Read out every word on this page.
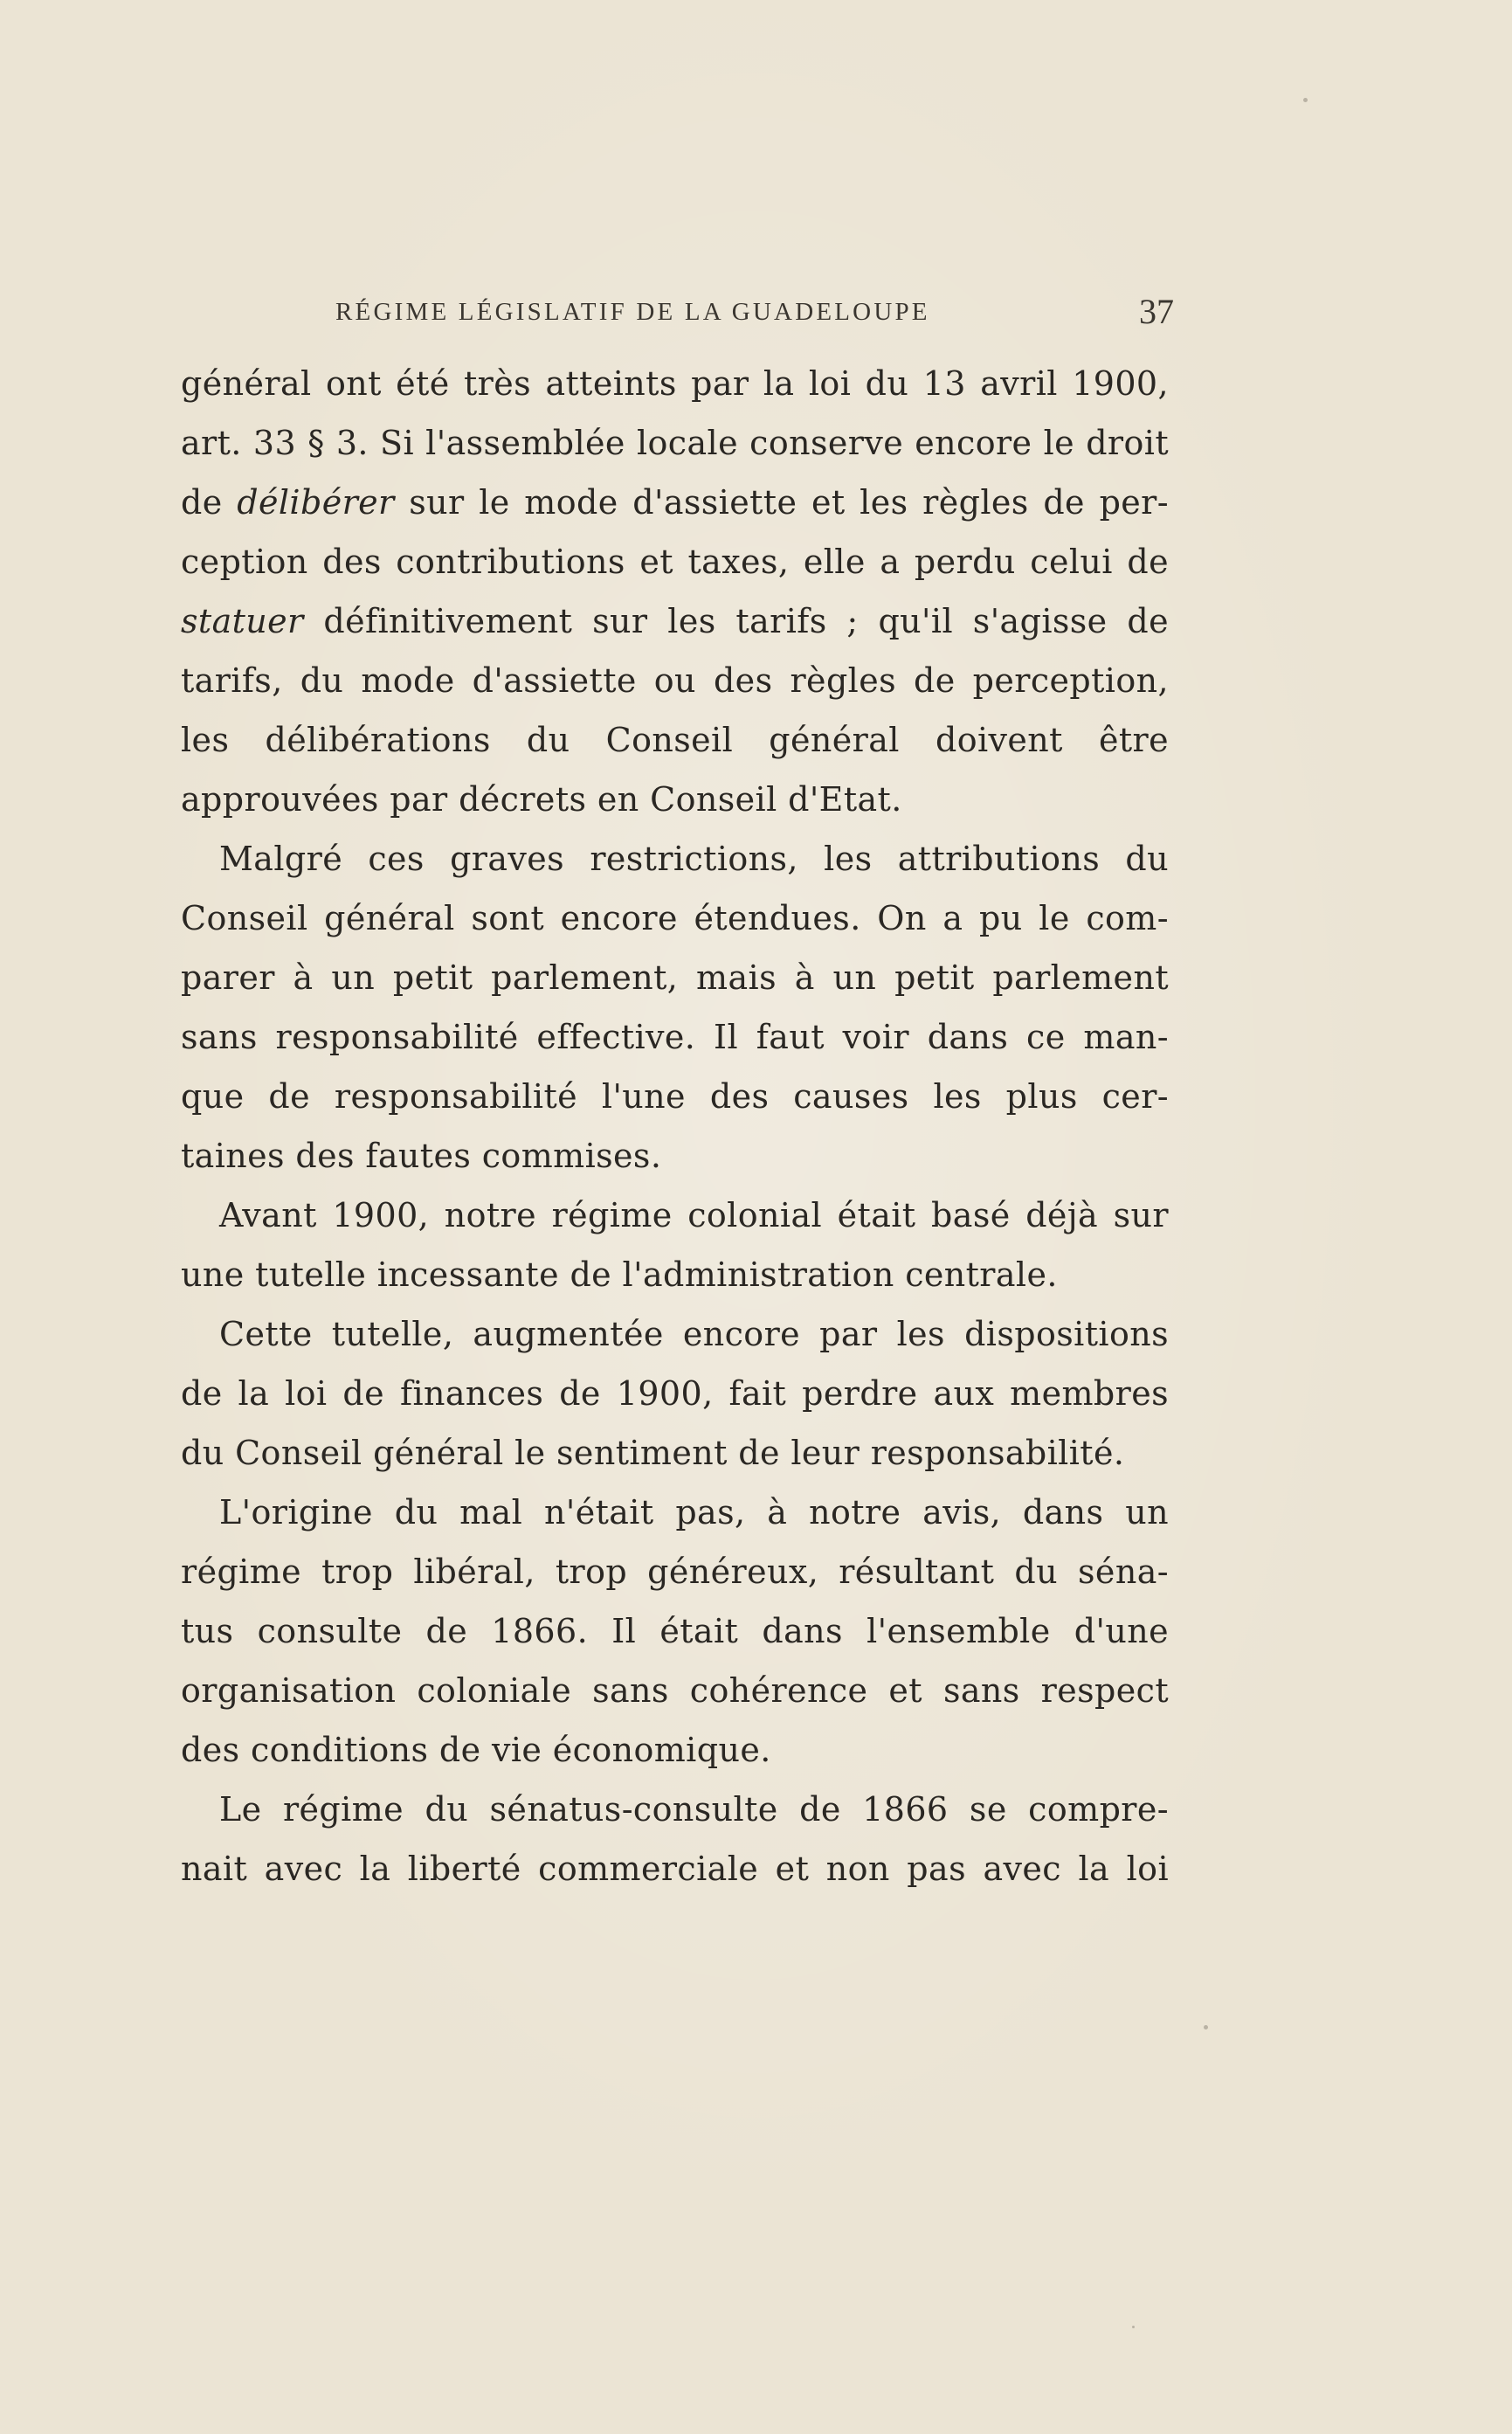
RÉGIME LÉGISLATIF DE LA GUADELOUPE	37
général ont été très atteints par la loi du 13 avril 1900,
art. 33 § 3. Si l'assemblée locale conserve encore le droit
de délibérer sur le mode d'assiette et les règles de per-
ception des contributions et taxes, elle a perdu celui de
statuer définitivement sur les tarifs ; qu'il s'agisse de
tarifs, du mode d'assiette ou des règles de perception,
les délibérations du Conseil général doivent être
approuvées par décrets en Conseil d'Etat.
Malgré ces graves restrictions, les attributions du
Conseil général sont encore étendues. On a pu le com-
parer à un petit parlement, mais à un petit parlement
sans responsabilité effective. Il faut voir dans ce man-
que de responsabilité l'une des causes les plus cer-
taines des fautes commises.
Avant 1900, notre régime colonial était basé déjà sur
une tutelle incessante de l'administration centrale.
Cette tutelle, augmentée encore par les dispositions
de la loi de finances de 1900, fait perdre aux membres
du Conseil général le sentiment de leur responsabilité.
L'origine du mal n'était pas, à notre avis, dans un
régime trop libéral, trop généreux, résultant du séna-
tus consulte de 1866. Il était dans l'ensemble d'une
organisation coloniale sans cohérence et sans respect
des conditions de vie économique.
Le régime du sénatus-consulte de 1866 se compre-
nait avec la liberté commerciale et non pas avec la loi
